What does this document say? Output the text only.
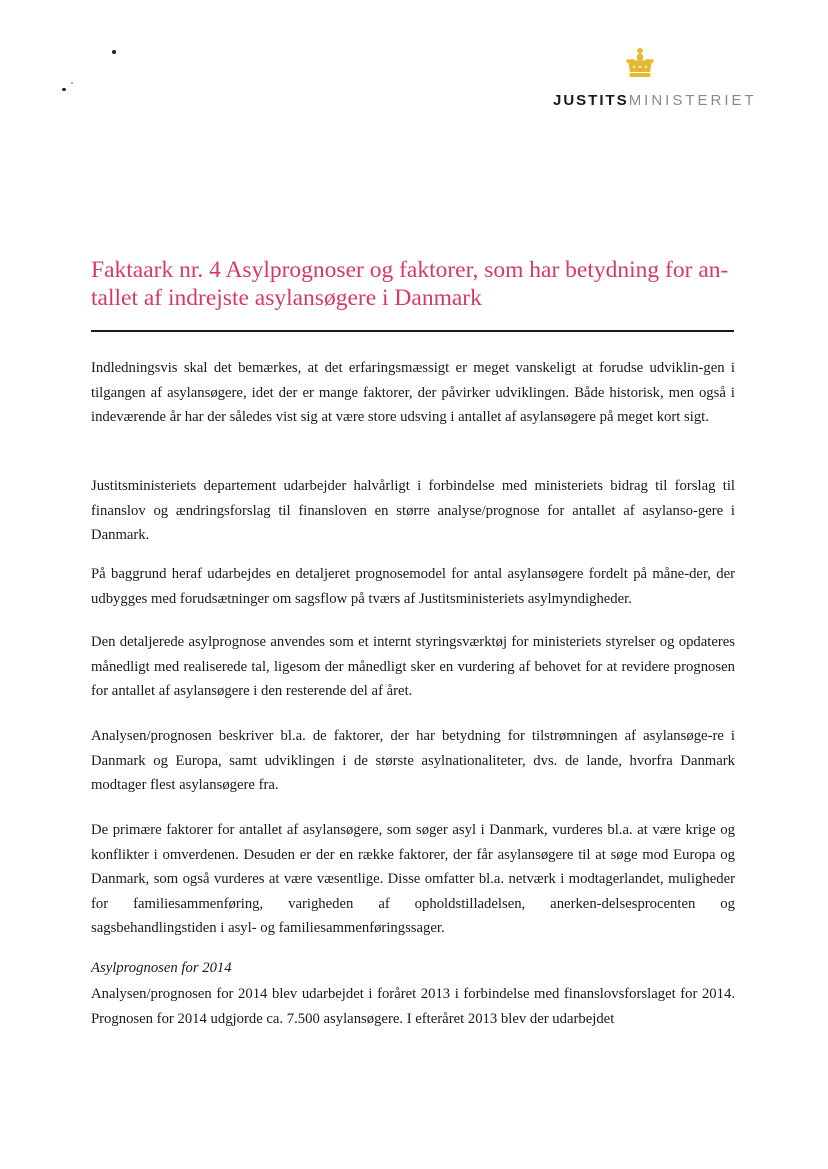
JUSTITSMINISTERIET
Faktaark nr. 4 Asylprognoser og faktorer, som har betydning for an-
tallet af indrejste asylansøgere i Danmark

Indledningsvis skal det bemærkes, at det erfaringsmæssigt er meget vanskeligt at forudse udviklin-gen i tilgangen af asylansøgere, idet der er mange faktorer, der påvirker udviklingen. Både historisk, men også i indeværende år har der således vist sig at være store udsving i antallet af asylansøgere på meget kort sigt.

Justitsministeriets departement udarbejder halvårligt i forbindelse med ministeriets bidrag til forslag til finanslov og ændringsforslag til finansloven en større analyse/prognose for antallet af asylanso-gere i Danmark.

På baggrund heraf udarbejdes en detaljeret prognosemodel for antal asylansøgere fordelt på måne-der, der udbygges med forudsætninger om sagsflow på tværs af Justitsministeriets asylmyndigheder.

Den detaljerede asylprognose anvendes som et internt styringsværktøj for ministeriets styrelser og opdateres månedligt med realiserede tal, ligesom der månedligt sker en vurdering af behovet for at revidere prognosen for antallet af asylansøgere i den resterende del af året.

Analysen/prognosen beskriver bl.a. de faktorer, der har betydning for tilstrømningen af asylansøge-re i Danmark og Europa, samt udviklingen i de største asylnationaliteter, dvs. de lande, hvorfra Danmark modtager flest asylansøgere fra.

De primære faktorer for antallet af asylansøgere, som søger asyl i Danmark, vurderes bl.a. at være krige og konflikter i omverdenen. Desuden er der en række faktorer, der får asylansøgere til at søge mod Europa og Danmark, som også vurderes at være væsentlige. Disse omfatter bl.a. netværk i modtagerlandet, muligheder for familiesammenføring, varigheden af opholdstilladelsen, anerken-delsesprocenten og sagsbehandlingstiden i asyl- og familiesammenføringssager.

Asylprognosen for 2014

Analysen/prognosen for 2014 blev udarbejdet i foråret 2013 i forbindelse med finanslovsforslaget for 2014. Prognosen for 2014 udgjorde ca. 7.500 asylansøgere. I efteråret 2013 blev der udarbejdet
